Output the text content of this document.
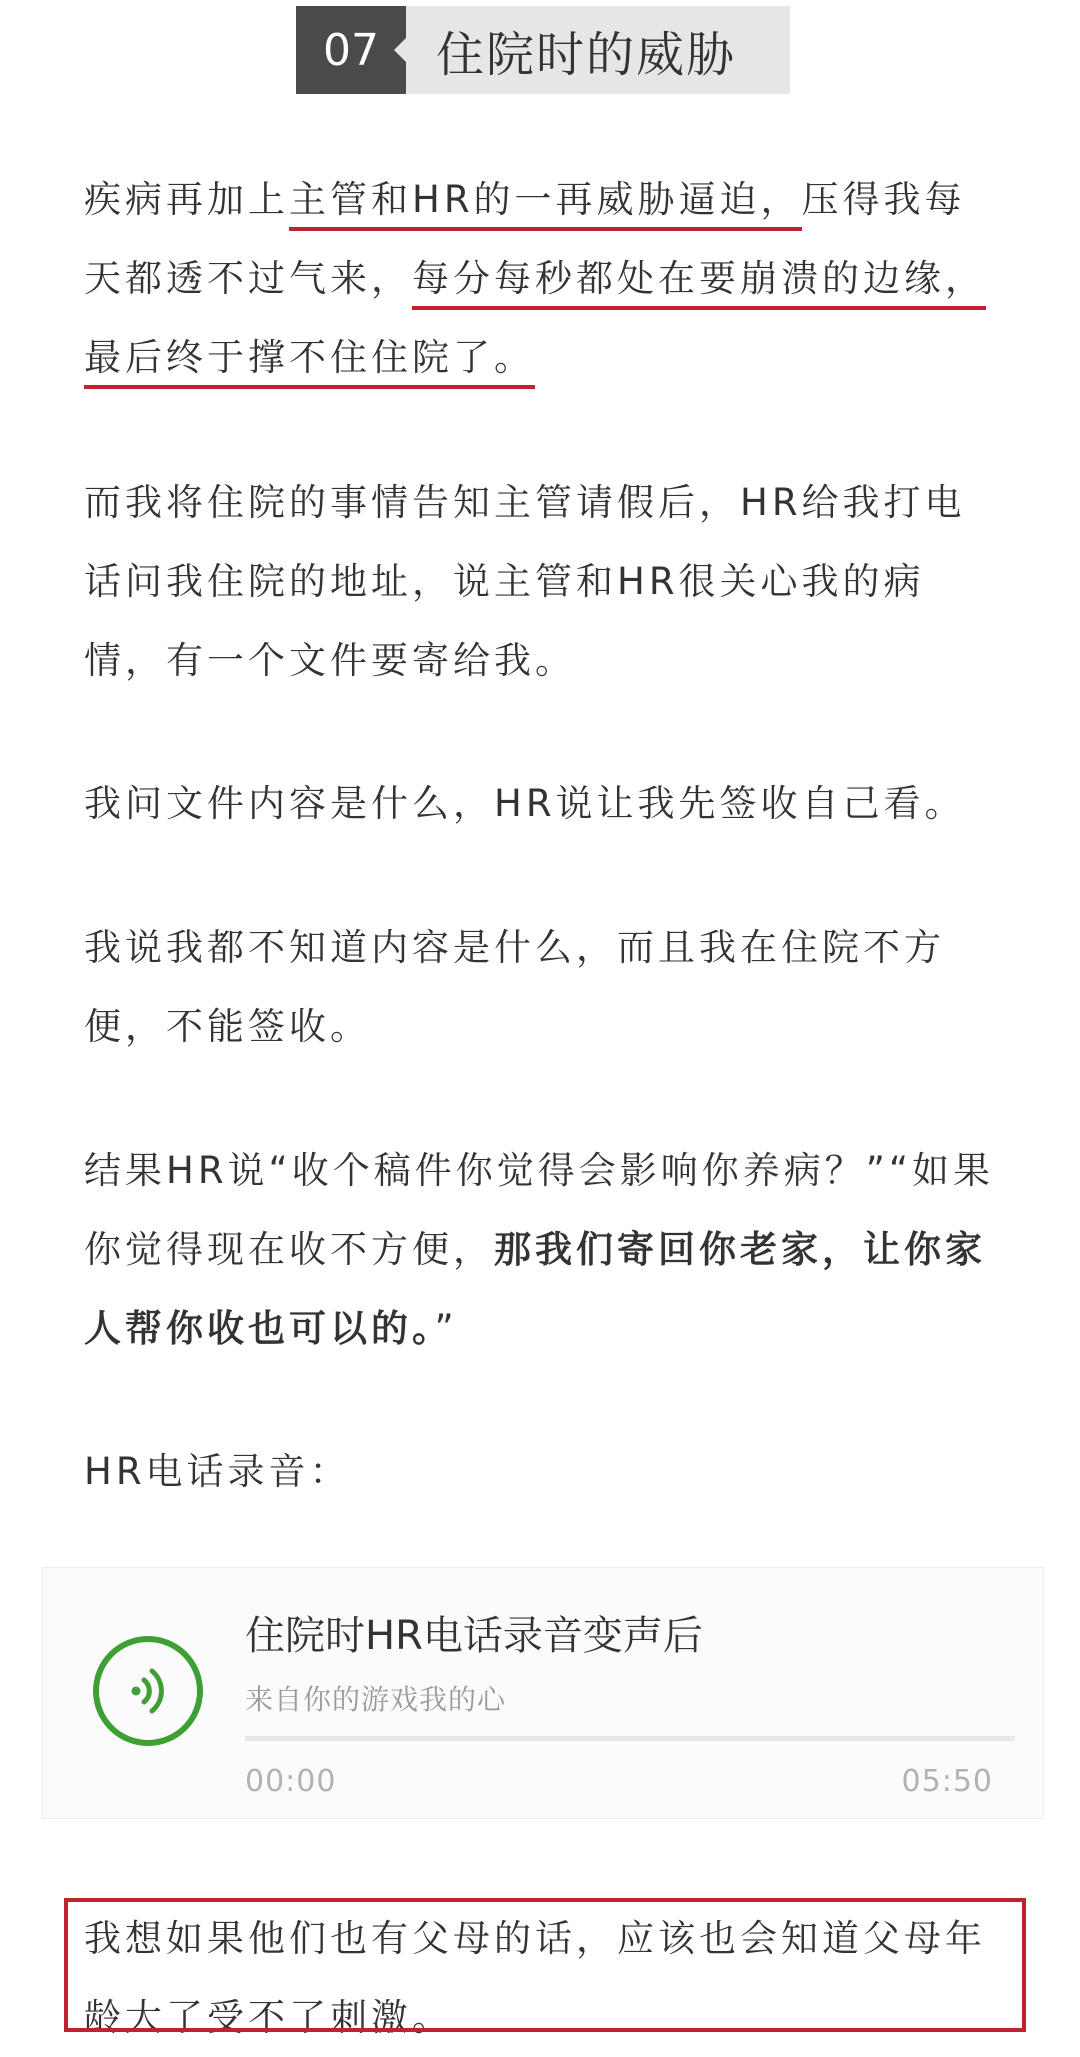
07	住院时的威胁

疾病再加上主管和HR的一再威胁逼迫，压得我每天都透不过气来，每分每秒都处在要崩溃的边缘，最后终于撑不住住院了。

而我将住院的事情告知主管请假后，HR给我打电话问我住院的地址，说主管和HR很关心我的病情，有一个文件要寄给我。

我问文件内容是什么，HR说让我先签收自己看。

我说我都不知道内容是什么，而且我在住院不方便，不能签收。

结果HR说“收个稿件你觉得会影响你养病？”“如果你觉得现在收不方便，那我们寄回你老家，让你家人帮你收也可以的。”

HR电话录音：

住院时HR电话录音变声后
来自你的游戏我的心
00:00	05:50

我想如果他们也有父母的话，应该也会知道父母年龄大了受不了刺激。
